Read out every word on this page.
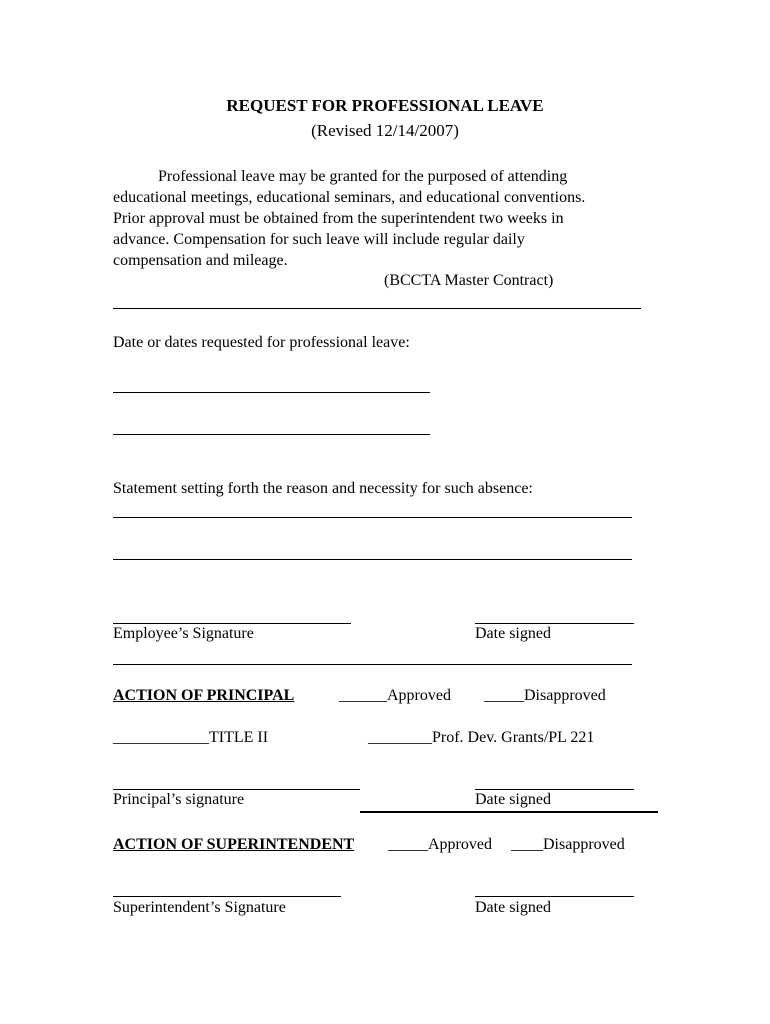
REQUEST FOR PROFESSIONAL LEAVE
(Revised 12/14/2007)

Professional leave may be granted for the purposed of attending

educational meetings, educational seminars, and educational conventions.

Prior approval must be obtained from the superintendent two weeks in

advance. Compensation for such leave will include regular daily

compensation and mileage.

(BCCTA Master Contract)
Date or dates requested for professional leave:
Statement setting forth the reason and necessity for such absence:
Employee’s Signature	Date signed
ACTION OF PRINCIPAL	______Approved _____Disapproved
____________TITLE II	________Prof. Dev. Grants/PL 221
Principal’s signature	Date signed
ACTION OF SUPERINTENDENT _____Approved ____Disapproved
Superintendent’s Signature	Date signed
